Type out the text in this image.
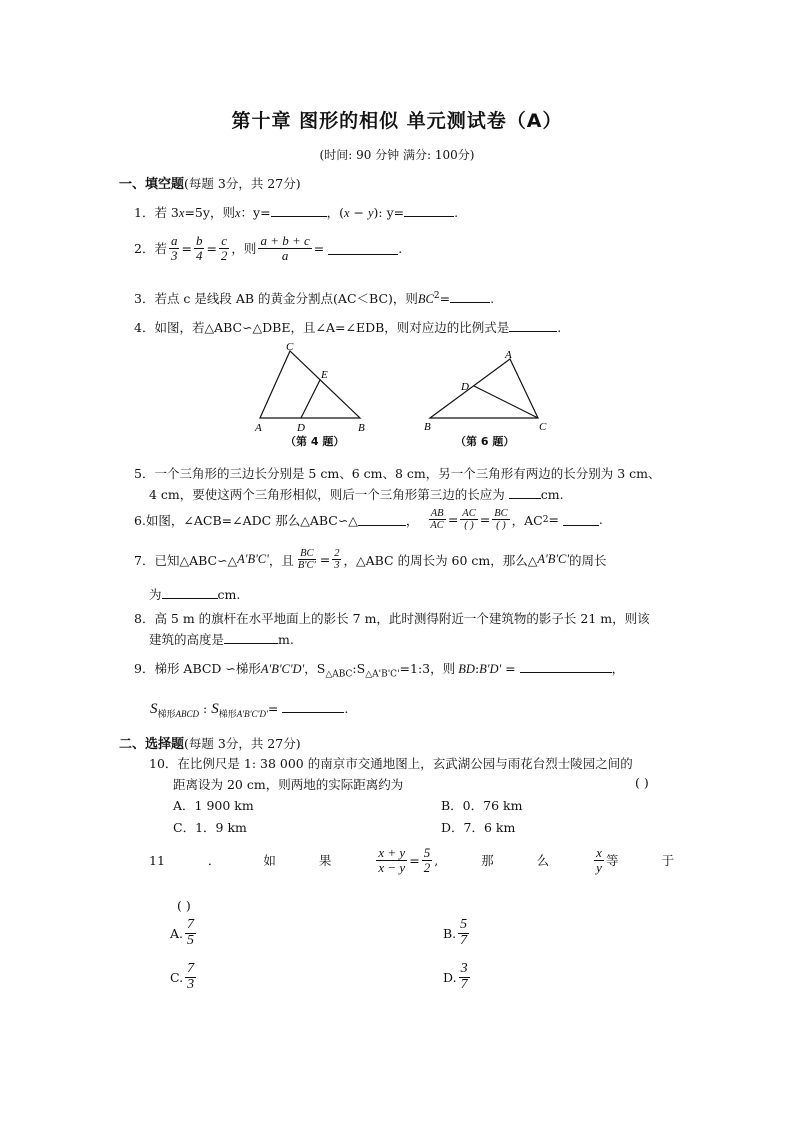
第十章 图形的相似 单元测试卷（A）
(时间: 90 分钟 满分: 100分)
一、填空题(每题 3分，共 27分)
1．若 3x=5y，则x：y=	，(x − y): y=	.
2．若 $\frac{a}{3} = \frac{b}{4} = \frac{c}{2}$ ，则 $\frac{a + b + c}{a}$ =
	.
3．若点 c 是线段 AB 的黄金分割点(AC＜BC)，则$BC^2=$	.
4．如图，若△ABC∽△DBE，且∠A=∠EDB，则对应边的比例式是	.
A
C
E
D	B
（第 4 题）
B
A
D
C
（第 6 题）
5．一个三角形的三边长分别是 5 cm、6 cm、8 cm，另一个三角形有两边的长分别为 3 cm、
4 cm，要使这两个三角形相似，则后一个三角形第三边的长应为	cm.
6.如图，∠ACB=∠ADC 那么△ABC∽△	，
$\frac{AB}{AC} = \frac{AC}{( )} = \frac{BC}{( )}$ ，AC 2 =
	.
7．已知△ABC∽△ A'B'C' ，且 $\frac{BC}{B'C'} = \frac{2}{3}$ ，△ABC 的周长为 60 cm，那么△ A'B'C' 的周长
为	cm.
8．高 5 m 的旗杆在水平地面上的影长 7 m，此时测得附近一个建筑物的影子长 21 m，则该
建筑的高度是	m.
9．梯形 ABCD ∽梯形A'B'C'D'，$S_{\triangle ABC}:S_{\triangle A'B'C'}=1:3$，则 BD:B'D' =	，
$S_{梯形ABCD}$ : $S_{梯形A'B'C'D'}=$	.
二、选择题(每题 3分，共 27分)
10．在比例尺是 1: 38 000 的南京市交通地图上，玄武湖公园与雨花台烈士陵园之间的
距离设为 20 cm，则两地的实际距离约为	( )
A．1 900 km	B．0．76 km
C．1．9 km	D．7．6 km
11	．	如	果	$\frac{x + y}{x - y} = \frac{5}{2}$ ,	那	么	$\frac{x}{y}$ 等	于
( )
A. $\frac{7}{5}$	B. $\frac{5}{7}$
C. $\frac{7}{3}$	D. $\frac{3}{7}$
